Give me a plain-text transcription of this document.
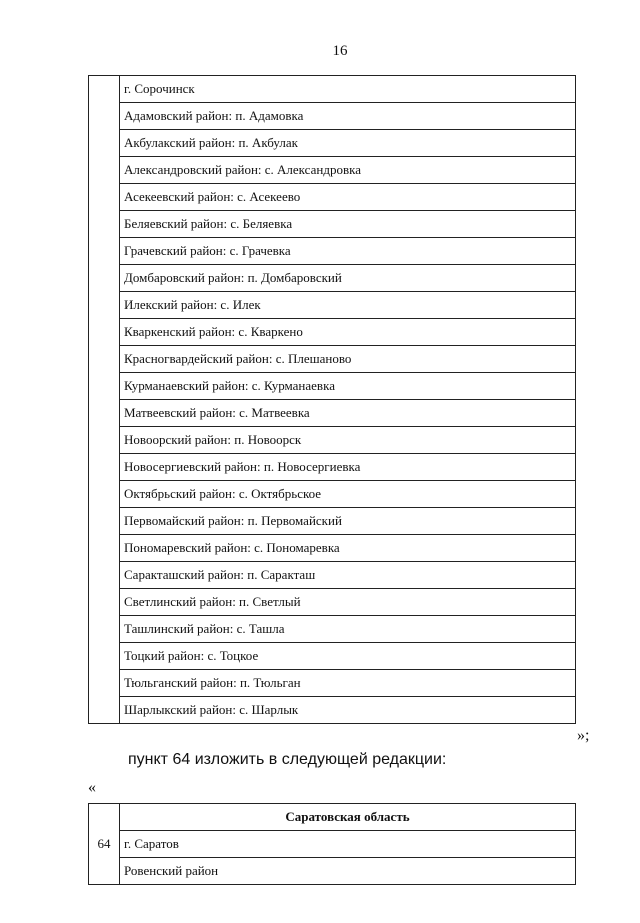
16
	г. Сорочинск
Адамовский район: п. Адамовка
Акбулакский район: п. Акбулак
Александровский район: с. Александровка
Асекеевский район: с. Асекеево
Беляевский район: с. Беляевка
Грачевский район: с. Грачевка
Домбаровский район: п. Домбаровский
Илекский район: с. Илек
Кваркенский район: с. Кваркено
Красногвардейский район: с. Плешаново
Курманаевский район: с. Курманаевка
Матвеевский район: с. Матвеевка
Новоорский район: п. Новоорск
Новосергиевский район: п. Новосергиевка
Октябрьский район: с. Октябрьское
Первомайский район: п. Первомайский
Пономаревский район: с. Пономаревка
Саракташский район: п. Саракташ
Светлинский район: п. Светлый
Ташлинский район: с. Ташла
Тоцкий район: с. Тоцкое
Тюльганский район: п. Тюльган
Шарлыкский район: с. Шарлык
»;
пункт 64 изложить в следующей редакции:
«
64	Саратовская область
г. Саратов
Ровенский район
